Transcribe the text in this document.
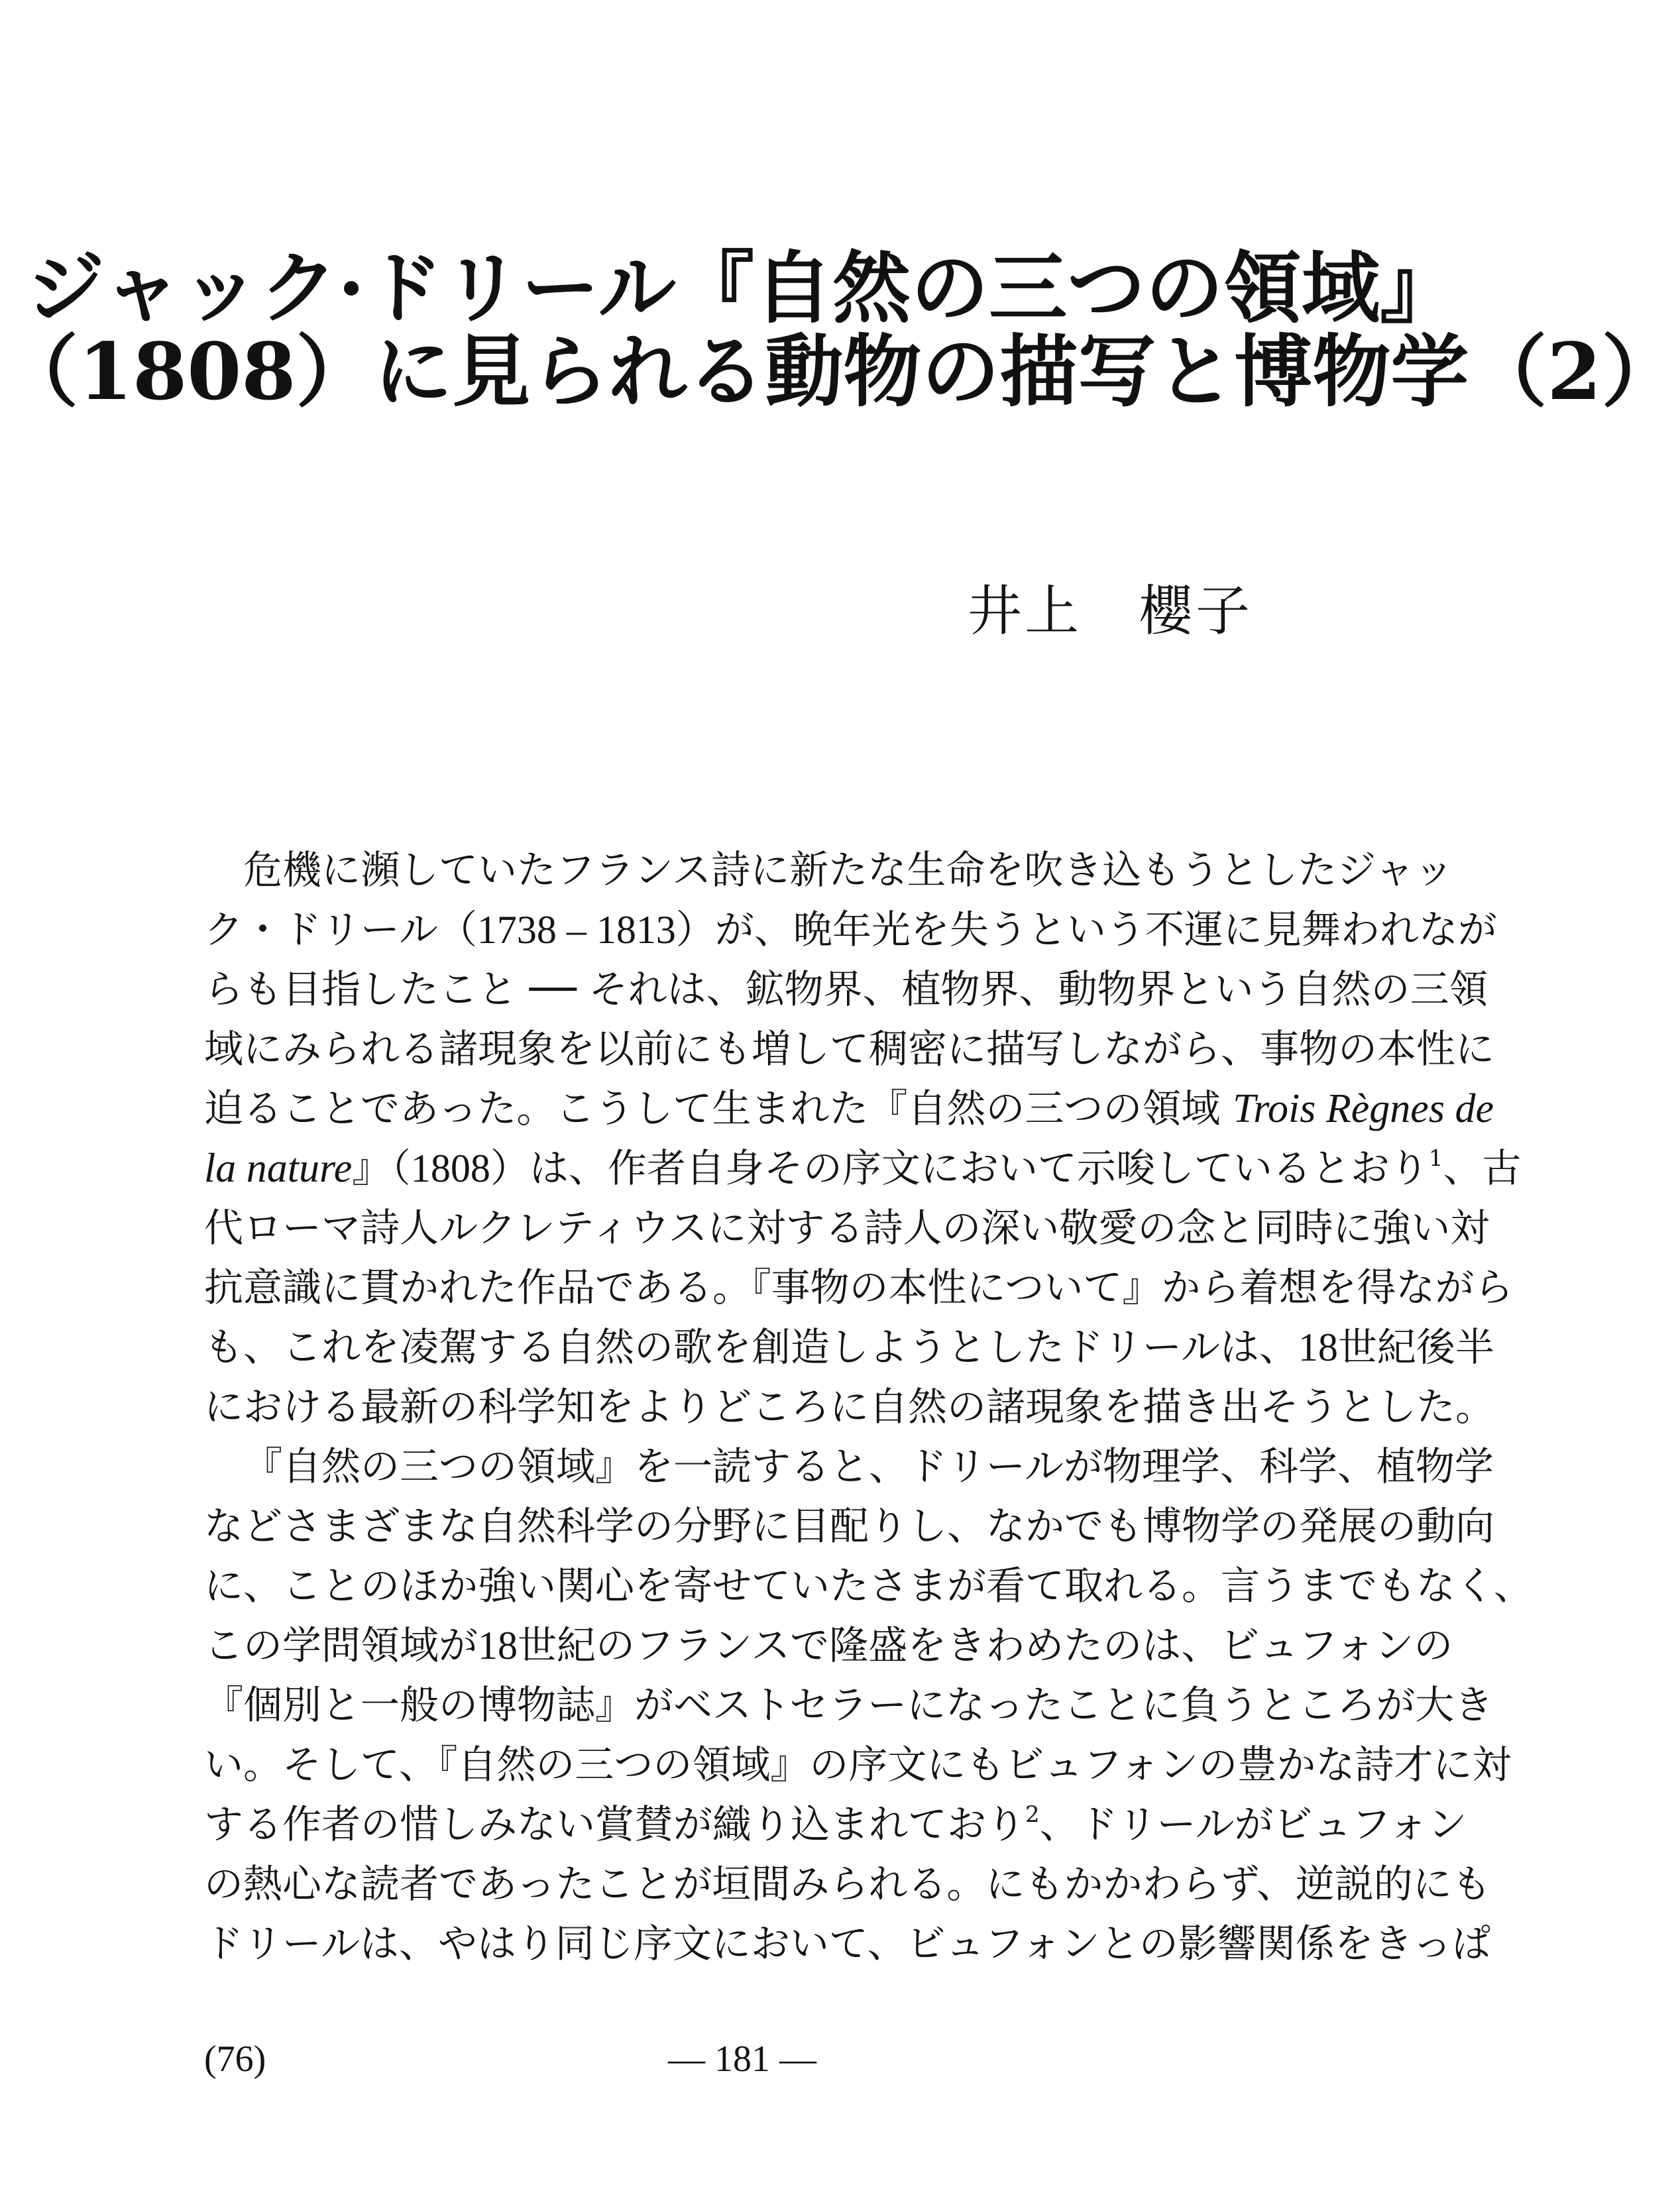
ジャック·ドリール『自然の三つの領域』
（1808）に見られる動物の描写と博物学（2）
井上　櫻子
危機に瀕していたフランス詩に新たな生命を吹き込もうとしたジャッ
ク・ドリール（1738 – 1813）が、晩年光を失うという不運に見舞われなが
らも目指したこと ── それは、鉱物界、植物界、動物界という自然の三領
域にみられる諸現象を以前にも増して稠密に描写しながら、事物の本性に
迫ることであった。こうして生まれた『自然の三つの領域 Trois Règnes de
la nature』（1808）は、作者自身その序文において示唆しているとおり$^1$、古
代ローマ詩人ルクレティウスに対する詩人の深い敬愛の念と同時に強い対
抗意識に貫かれた作品である。『事物の本性について』から着想を得ながら
も、これを凌駕する自然の歌を創造しようとしたドリールは、18世紀後半
における最新の科学知をよりどころに自然の諸現象を描き出そうとした。
『自然の三つの領域』を一読すると、ドリールが物理学、科学、植物学
などさまざまな自然科学の分野に目配りし、なかでも博物学の発展の動向
に、ことのほか強い関心を寄せていたさまが看て取れる。言うまでもなく、
この学問領域が18世紀のフランスで隆盛をきわめたのは、ビュフォンの
『個別と一般の博物誌』がベストセラーになったことに負うところが大き
い。そして、『自然の三つの領域』の序文にもビュフォンの豊かな詩才に対
する作者の惜しみない賞賛が織り込まれており$^2$、ドリールがビュフォン
の熱心な読者であったことが垣間みられる。にもかかわらず、逆説的にも
ドリールは、やはり同じ序文において、ビュフォンとの影響関係をきっぱ
(76)	— 181 —
